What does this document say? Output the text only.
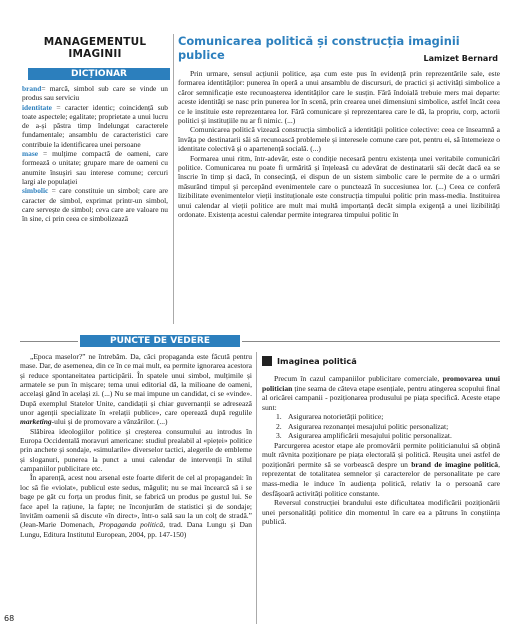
MANAGEMENTUL
IMAGINII
DICȚIONAR

brand= marcă, simbol sub care se vinde un produs sau serviciu

identitate = caracter identic; coincidență sub toate aspectele; egalitate; proprietate a unui lucru de a-și păstra timp îndelungat caracterele fundamentale; ansamblu de caracteristici care contribuie la identificarea unei persoane

mase = mulțime compactă de oameni, care formează o unitate; grupare mare de oameni cu anumite însușiri sau interese comune; cercuri largi ale populației

simbolic = care constituie un simbol; care are caracter de simbol, exprimat printr-un simbol, care servește de simbol; ceva care are valoare nu în sine, ci prin ceea ce simbolizează

Comunicarea politică și construcția imaginii publice	Lamizet Bernard

Prin urmare, sensul acțiunii politice, așa cum este pus în evidență prin reprezentările sale, este formarea identităților: punerea în operă a unui ansamblu de discursuri, de practici și activități simbolice a căror semnificație este recunoașterea identităților care le susțin. Fără îndoială trebuie mers mai departe: aceste identități se nasc prin punerea lor în scenă, prin crearea unei dimensiuni simbolice, astfel încât ceea ce le instituie este reprezentarea lor. Fără comunicare și reprezentarea care le dă, la propriu, corp, actorii politici și instituțiile nu ar fi nimic. (...)

Comunicarea politică vizează construcția simbolică a identității politice colective: ceea ce înseamnă a învăța pe destinatarii săi să recunoască problemele și interesele comune care pot, pentru ei, să întemeieze o identitate colectivă și o apartenență socială. (...)

Formarea unui ritm, într-adevăr, este o condiție necesară pentru existența unei veritabile comunicări politice. Comunicarea nu poate fi urmărită și înțeleasă cu adevărat de destinatarii săi decât dacă ea se înscrie în timp și dacă, în consecință, ei dispun de un sistem simbolic care le permite de a o urmări măsurând timpul și percepând evenimentele care o punctează în succesiunea lor. (...) Ceea ce conferă lizibilitate evenimentelor vieții instituționale este construcția timpului politic prin mass-media. Instituirea unui calendar al vieții politice are mult mai multă importanță decât simpla exigență a unei lizibilități ordonate. Existența acestui calendar permite integrarea timpului politic în

PUNCTE DE VEDERE

„Epoca maselor?” ne întrebăm. Da, căci propaganda este făcută pentru mase. Dar, de asemenea, din ce în ce mai mult, ea permite ignorarea acestora și reduce spontaneitatea participării. În spatele unui simbol, mulțimile și armatele se pun în mișcare; tema unui editorial dă, la milioane de oameni, accelași gând în același zi. (...) Nu se mai impune un candidat, ci se «vinde». După exemplul Statelor Unite, candidații și chiar guvernanții se adresează unor agenții specializate în «relații publice», care operează după regulile marketing-ului și de promovare a vânzărilor. (...)

Slăbirea ideologiilor politice și creșterea consumului au introdus în Europa Occidentală moravuri americane: studiul prealabil al «pieței» politice prin anchete și sondaje, «simularile» diverselor tactici, alegerile de embleme și sloganuri, punerea la punct a unui calendar de intervenții în stilul campaniilor publicitare etc.

În aparență, acest nou arsenal este foarte diferit de cel al propagandei: în loc să fie «violat», publicul este sedus, măgulit; nu se mai încearcă să i se bage pe gât cu forța un produs finit, se fabrică un produs pe gustul lui. Se face apel la rațiune, la fapte; ne înconjurăm de statistici și de sondaje; învităm oamenii să discute «în direct», într-o sală sau la un colț de stradă.” (Jean-Marie Domenach, Propaganda politică, trad. Dana Lungu și Dan Lungu, Editura Institutul European, 2004, pp. 147-150)

Imaginea politică

Precum în cazul campaniilor publicitare comerciale, promovarea unui politician ține seama de câteva etape esențiale, pentru atingerea scopului final al oricărei campanii - poziționarea produsului pe piața specifică. Aceste etape sunt:

1. Asigurarea notorietății politice;

2. Asigurarea rezonanței mesajului politic personalizat;

3. Asigurarea amplificării mesajului politic personalizat.

Parcurgerea acestor etape ale promovării permite politicianului să obțină mult râvnita poziționare pe piața electorală și politică. Reușita unei astfel de poziționări permite să se vorbească despre un brand de imagine politică, reprezentat de totalitatea semnelor și caracterelor de personalitate pe care mass-media le induce în audiența politică, relativ la o persoană care desfășoară activități politice constante.

Reversul construcției brandului este dificultatea modificării poziționării unei personalități politice din momentul în care ea a pătruns în conștiința publică.

68
